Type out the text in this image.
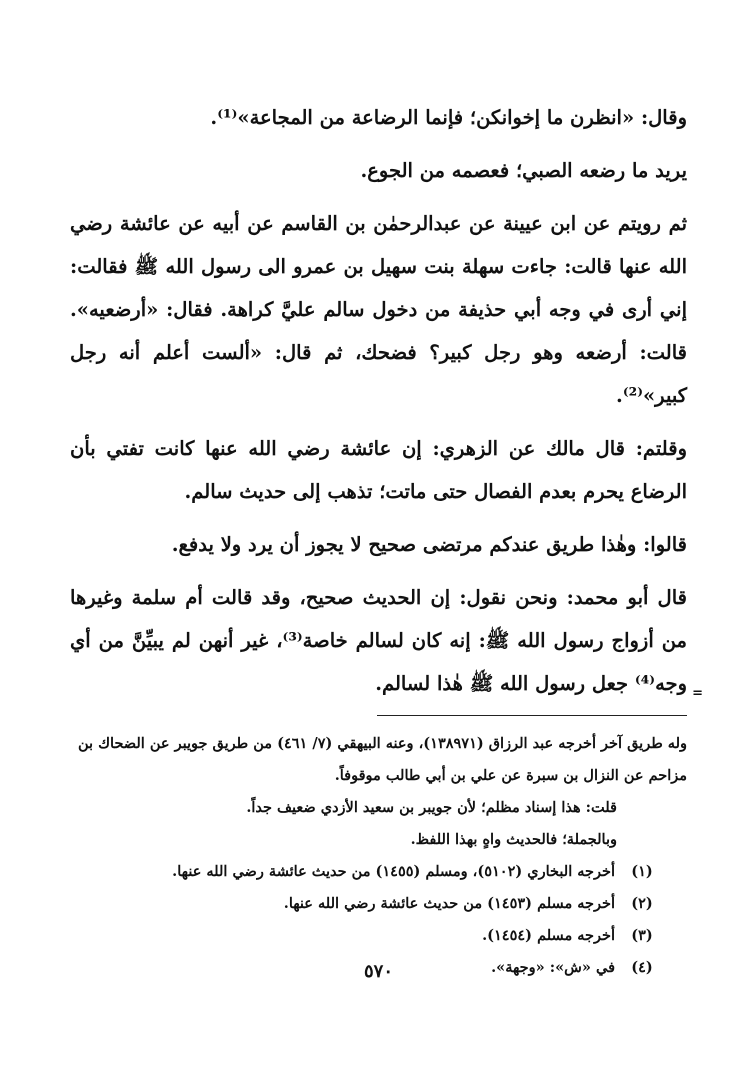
وقال: «انظرن ما إخوانكن؛ فإنما الرضاعة من المجاعة»⁽¹⁾.

يريد ما رضعه الصبي؛ فعصمه من الجوع.

ثم رويتم عن ابن عيينة عن عبدالرحمٰن بن القاسم عن أبيه عن عائشة رضي الله عنها قالت: جاءت سهلة بنت سهيل بن عمرو الى رسول الله ﷺ فقالت: إني أرى في وجه أبي حذيفة من دخول سالم عليَّ كراهة. فقال: «أرضعيه». قالت: أرضعه وهو رجل كبير؟ فضحك، ثم قال: «ألست أعلم أنه رجل كبير»⁽²⁾.

وقلتم: قال مالك عن الزهري: إن عائشة رضي الله عنها كانت تفتي بأن الرضاع يحرم بعدم الفصال حتى ماتت؛ تذهب إلى حديث سالم.

قالوا: وهٰذا طريق عندكم مرتضى صحيح لا يجوز أن يرد ولا يدفع.

قال أبو محمد: ونحن نقول: إن الحديث صحيح، وقد قالت أم سلمة وغيرها من أزواج رسول الله ﷺ: إنه كان لسالم خاصة⁽³⁾، غير أنهن لم يبيِّنَّ من أي وجه⁽⁴⁾ جعل رسول الله ﷺ هٰذا لسالم. =

وله طريق آخر أخرجه عبد الرزاق (١٣٨٩٧١)، وعنه البيهقي (٧/ ٤٦١) من طريق جويبر عن الضحاك بن مزاحم عن النزال بن سبرة عن علي بن أبي طالب موقوفاً.

قلت: هذا إسناد مظلم؛ لأن جويبر بن سعيد الأزدي ضعيف جداً.

وبالجملة؛ فالحديث واهٍ بهذا اللفظ.

(١)
أخرجه البخاري (٥١٠٢)، ومسلم (١٤٥٥) من حديث عائشة رضي الله عنها.

(٢)
أخرجه مسلم (١٤٥٣) من حديث عائشة رضي الله عنها.

(٣)
أخرجه مسلم (١٤٥٤).

(٤)
في «ش»: «وجهة».

٥٧٠
